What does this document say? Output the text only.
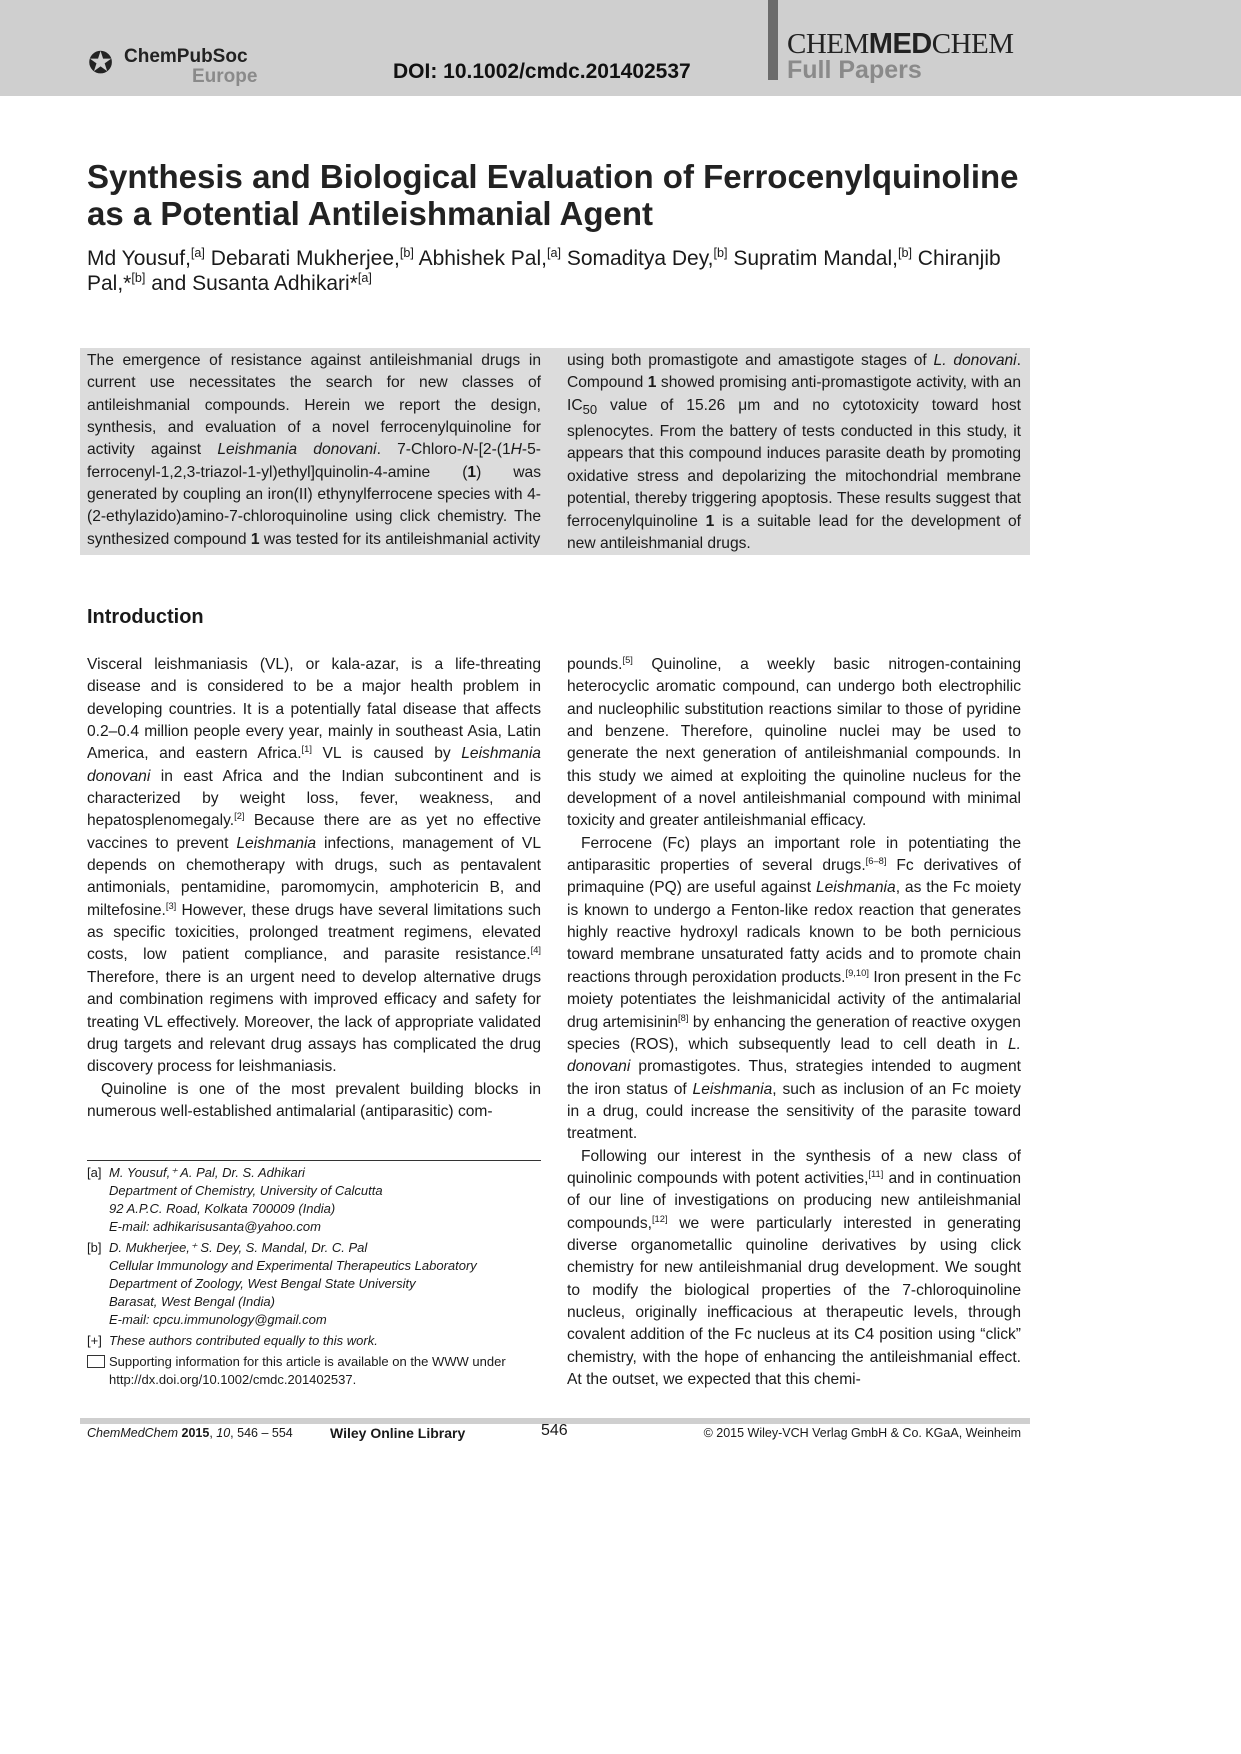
✪ ChemPubSoc
Europe	DOI: 10.1002/cmdc.201402537
CHEMMEDCHEM
Full Papers
Synthesis and Biological Evaluation of Ferrocenylquinoline as a Potential Antileishmanial Agent
Md Yousuf,[a] Debarati Mukherjee,[b] Abhishek Pal,[a] Somaditya Dey,[b] Supratim Mandal,[b] Chiranjib Pal,*[b] and Susanta Adhikari*[a]

The emergence of resistance against antileishmanial drugs in current use necessitates the search for new classes of antileishmanial compounds. Herein we report the design, synthesis, and evaluation of a novel ferrocenylquinoline for activity against Leishmania donovani. 7-Chloro-N-[2-(1H-5-ferrocenyl-1,2,3-triazol-1-yl)ethyl]quinolin-4-amine (1) was generated by coupling an iron(II) ethynylferrocene species with 4-(2-ethylazido)amino-7-chloroquinoline using click chemistry. The synthesized compound 1 was tested for its antileishmanial activity

using both promastigote and amastigote stages of L. donovani. Compound 1 showed promising anti-promastigote activity, with an $IC_{50}$ value of 15.26 μm and no cytotoxicity toward host splenocytes. From the battery of tests conducted in this study, it appears that this compound induces parasite death by promoting oxidative stress and depolarizing the mitochondrial membrane potential, thereby triggering apoptosis. These results suggest that ferrocenylquinoline 1 is a suitable lead for the development of new antileishmanial drugs.

Introduction

Visceral leishmaniasis (VL), or kala-azar, is a life-threating disease and is considered to be a major health problem in developing countries. It is a potentially fatal disease that affects 0.2–0.4 million people every year, mainly in southeast Asia, Latin America, and eastern Africa.[1] VL is caused by Leishmania donovani in east Africa and the Indian subcontinent and is characterized by weight loss, fever, weakness, and hepatosplenomegaly.[2] Because there are as yet no effective vaccines to prevent Leishmania infections, management of VL depends on chemotherapy with drugs, such as pentavalent antimonials, pentamidine, paromomycin, amphotericin B, and miltefosine.[3] However, these drugs have several limitations such as specific toxicities, prolonged treatment regimens, elevated costs, low patient compliance, and parasite resistance.[4] Therefore, there is an urgent need to develop alternative drugs and combination regimens with improved efficacy and safety for treating VL effectively. Moreover, the lack of appropriate validated drug targets and relevant drug assays has complicated the drug discovery process for leishmaniasis.

Quinoline is one of the most prevalent building blocks in numerous well-established antimalarial (antiparasitic) com-

pounds.[5] Quinoline, a weekly basic nitrogen-containing heterocyclic aromatic compound, can undergo both electrophilic and nucleophilic substitution reactions similar to those of pyridine and benzene. Therefore, quinoline nuclei may be used to generate the next generation of antileishmanial compounds. In this study we aimed at exploiting the quinoline nucleus for the development of a novel antileishmanial compound with minimal toxicity and greater antileishmanial efficacy.

Ferrocene (Fc) plays an important role in potentiating the antiparasitic properties of several drugs.[6–8] Fc derivatives of primaquine (PQ) are useful against Leishmania, as the Fc moiety is known to undergo a Fenton-like redox reaction that generates highly reactive hydroxyl radicals known to be both pernicious toward membrane unsaturated fatty acids and to promote chain reactions through peroxidation products.[9,10] Iron present in the Fc moiety potentiates the leishmanicidal activity of the antimalarial drug artemisinin[8] by enhancing the generation of reactive oxygen species (ROS), which subsequently lead to cell death in L. donovani promastigotes. Thus, strategies intended to augment the iron status of Leishmania, such as inclusion of an Fc moiety in a drug, could increase the sensitivity of the parasite toward treatment.

Following our interest in the synthesis of a new class of quinolinic compounds with potent activities,[11] and in continuation of our line of investigations on producing new antileishmanial compounds,[12] we were particularly interested in generating diverse organometallic quinoline derivatives by using click chemistry for new antileishmanial drug development. We sought to modify the biological properties of the 7-chloroquinoline nucleus, originally inefficacious at therapeutic levels, through covalent addition of the Fc nucleus at its C4 position using “click” chemistry, with the hope of enhancing the antileishmanial effect. At the outset, we expected that this chemi-

[a] M. Yousuf,⁺ A. Pal, Dr. S. Adhikari
Department of Chemistry, University of Calcutta
92 A.P.C. Road, Kolkata 700009 (India)
E-mail: adhikarisusanta@yahoo.com
[b] D. Mukherjee,⁺ S. Dey, S. Mandal, Dr. C. Pal
Cellular Immunology and Experimental Therapeutics Laboratory
Department of Zoology, West Bengal State University
Barasat, West Bengal (India)
E-mail: cpcu.immunology@gmail.com
[+] These authors contributed equally to this work.
Supporting information for this article is available on the WWW under
http://dx.doi.org/10.1002/cmdc.201402537.
ChemMedChem 2015, 10, 546 – 554	Wiley Online Library	546	© 2015 Wiley-VCH Verlag GmbH & Co. KGaA, Weinheim
